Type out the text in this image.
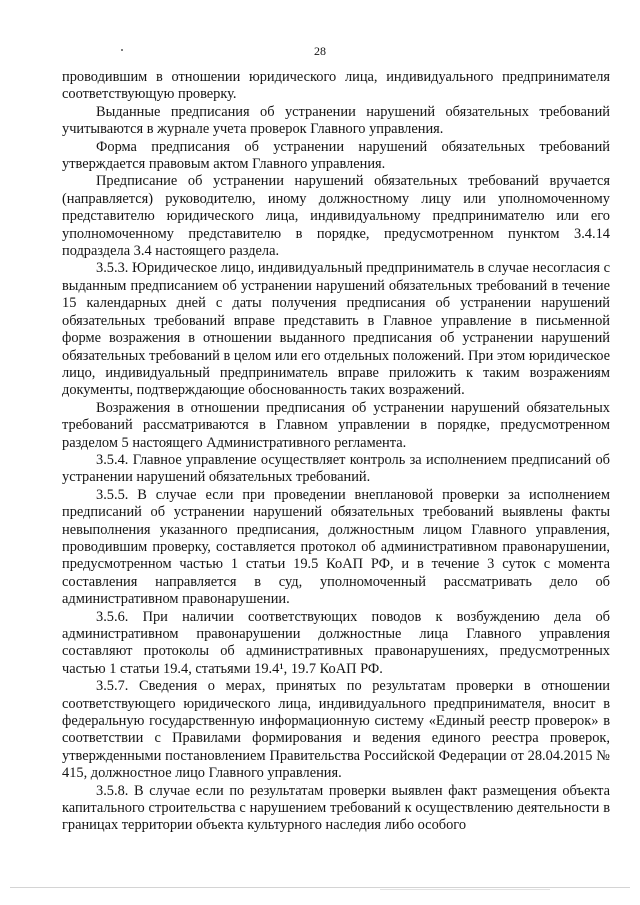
28

проводившим в отношении юридического лица, индивидуального предпринимателя соответствующую проверку.

Выданные предписания об устранении нарушений обязательных требований учитываются в журнале учета проверок Главного управления.

Форма предписания об устранении нарушений обязательных требований утверждается правовым актом Главного управления.

Предписание об устранении нарушений обязательных требований вручается (направляется) руководителю, иному должностному лицу или уполномоченному представителю юридического лица, индивидуальному предпринимателю или его уполномоченному представителю в порядке, предусмотренном пунктом 3.4.14 подраздела 3.4 настоящего раздела.

3.5.3. Юридическое лицо, индивидуальный предприниматель в случае несогласия с выданным предписанием об устранении нарушений обязательных требований в течение 15 календарных дней с даты получения предписания об устранении нарушений обязательных требований вправе представить в Главное управление в письменной форме возражения в отношении выданного предписания об устранении нарушений обязательных требований в целом или его отдельных положений. При этом юридическое лицо, индивидуальный предприниматель вправе приложить к таким возражениям документы, подтверждающие обоснованность таких возражений.

Возражения в отношении предписания об устранении нарушений обязательных требований рассматриваются в Главном управлении в порядке, предусмотренном разделом 5 настоящего Административного регламента.

3.5.4. Главное управление осуществляет контроль за исполнением предписаний об устранении нарушений обязательных требований.

3.5.5. В случае если при проведении внеплановой проверки за исполнением предписаний об устранении нарушений обязательных требований выявлены факты невыполнения указанного предписания, должностным лицом Главного управления, проводившим проверку, составляется протокол об административном правонарушении, предусмотренном частью 1 статьи 19.5 КоАП РФ, и в течение 3 суток с момента составления направляется в суд, уполномоченный рассматривать дело об административном правонарушении.

3.5.6. При наличии соответствующих поводов к возбуждению дела об административном правонарушении должностные лица Главного управления составляют протоколы об административных правонарушениях, предусмотренных частью 1 статьи 19.4, статьями 19.4¹, 19.7 КоАП РФ.

3.5.7. Сведения о мерах, принятых по результатам проверки в отношении соответствующего юридического лица, индивидуального предпринимателя, вносит в федеральную государственную информационную систему «Единый реестр проверок» в соответствии с Правилами формирования и ведения единого реестра проверок, утвержденными постановлением Правительства Российской Федерации от 28.04.2015 № 415, должностное лицо Главного управления.

3.5.8. В случае если по результатам проверки выявлен факт размещения объекта капитального строительства с нарушением требований к осуществлению деятельности в границах территории объекта культурного наследия либо особого
